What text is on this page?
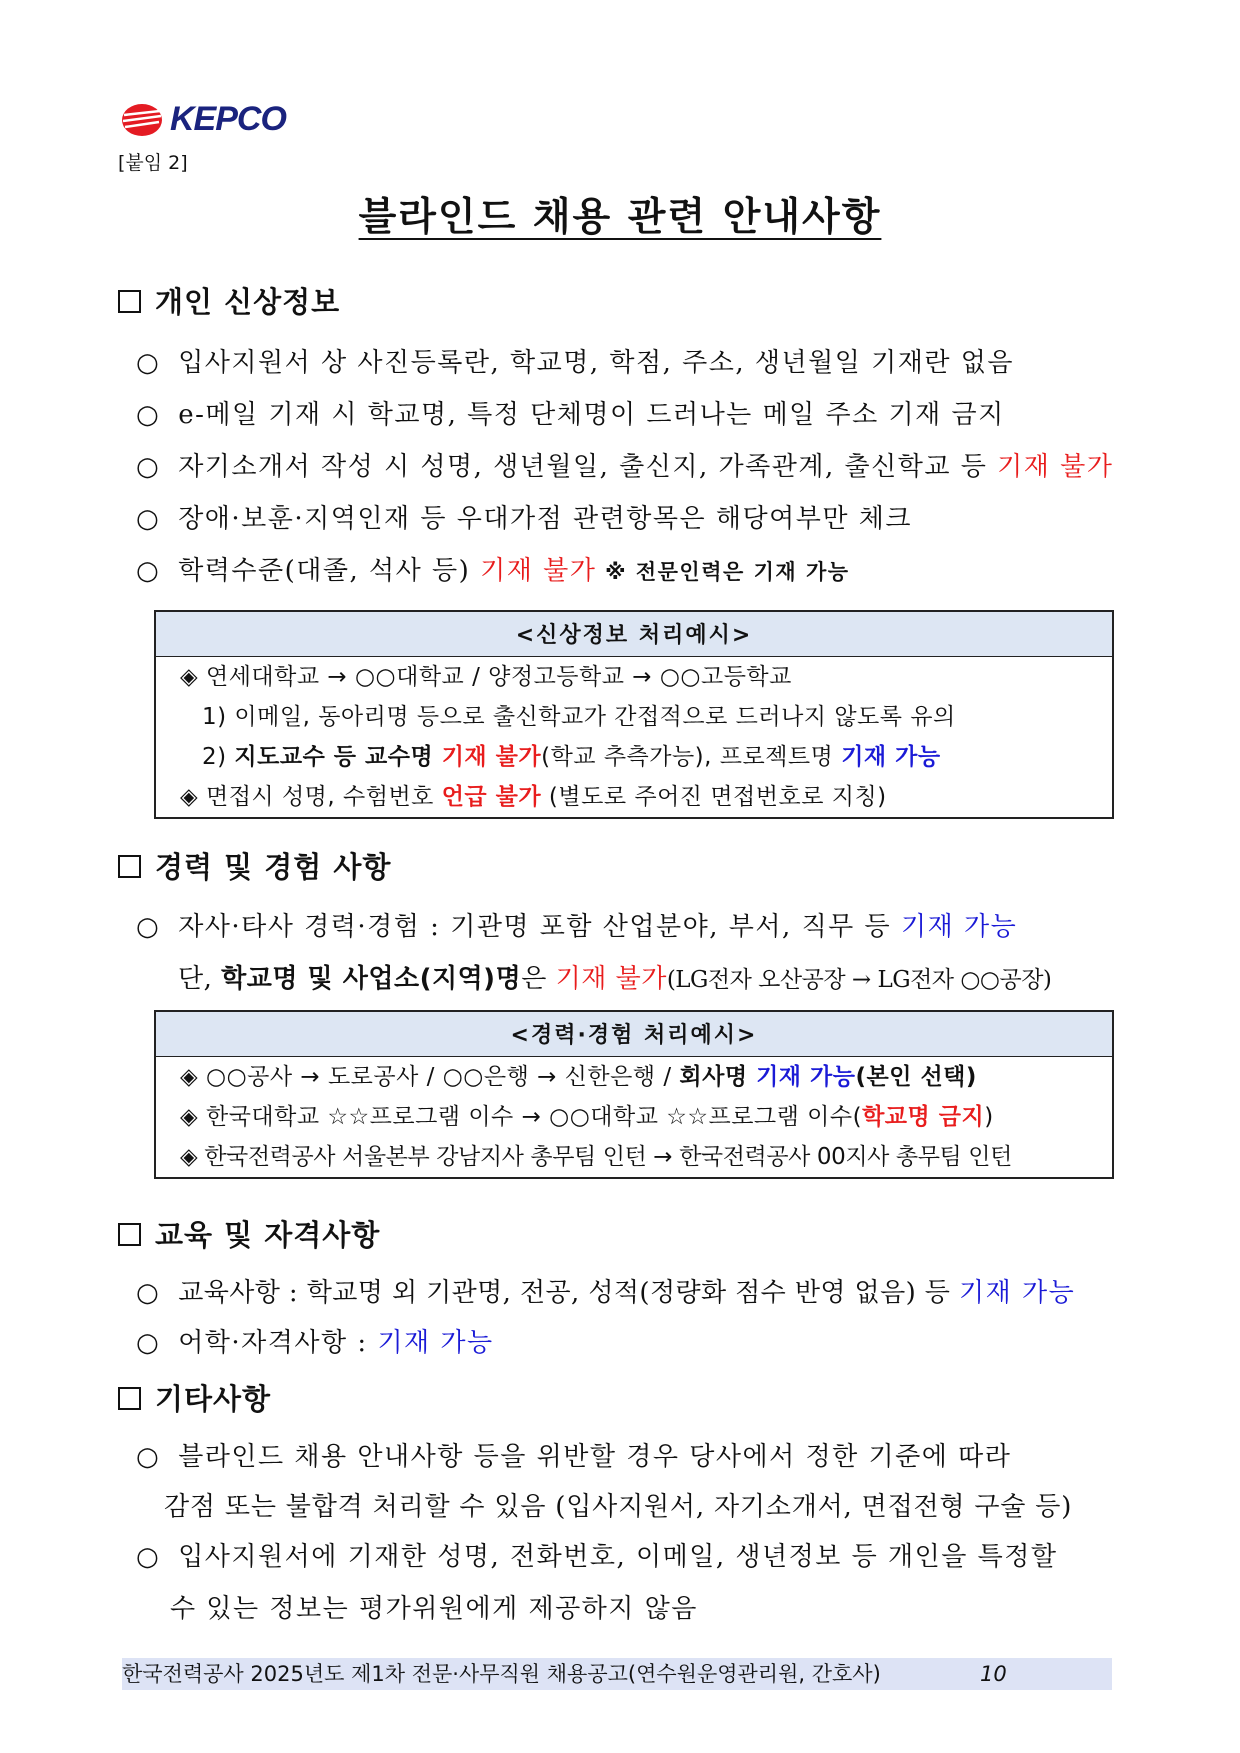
KEPCO
[붙임 2]
블라인드 채용 관련 안내사항
개인 신상정보
○ 입사지원서 상 사진등록란, 학교명, 학점, 주소, 생년월일 기재란 없음
○ e-메일 기재 시 학교명, 특정 단체명이 드러나는 메일 주소 기재 금지
○ 자기소개서 작성 시 성명, 생년월일, 출신지, 가족관계, 출신학교 등 기재 불가
○ 장애·보훈·지역인재 등 우대가점 관련항목은 해당여부만 체크
○ 학력수준(대졸, 석사 등) 기재 불가 ※ 전문인력은 기재 가능
<신상정보 처리예시>
◈ 연세대학교 → ○○대학교 / 양정고등학교 → ○○고등학교
1) 이메일, 동아리명 등으로 출신학교가 간접적으로 드러나지 않도록 유의
2) 지도교수 등 교수명 기재 불가(학교 추측가능), 프로젝트명 기재 가능
◈ 면접시 성명, 수험번호 언급 불가 (별도로 주어진 면접번호로 지칭)
경력 및 경험 사항
○ 자사·타사 경력·경험 : 기관명 포함 산업분야, 부서, 직무 등 기재 가능
단, 학교명 및 사업소(지역)명은 기재 불가(LG전자 오산공장 → LG전자 ○○공장)
<경력·경험 처리예시>
◈ ○○공사 → 도로공사 / ○○은행 → 신한은행 / 회사명 기재 가능(본인 선택)
◈ 한국대학교 ☆☆프로그램 이수 → ○○대학교 ☆☆프로그램 이수(학교명 금지)
◈ 한국전력공사 서울본부 강남지사 총무팀 인턴 → 한국전력공사 00지사 총무팀 인턴
교육 및 자격사항
○ 교육사항 : 학교명 외 기관명, 전공, 성적(정량화 점수 반영 없음) 등 기재 가능
○ 어학·자격사항 : 기재 가능
기타사항
○ 블라인드 채용 안내사항 등을 위반할 경우 당사에서 정한 기준에 따라
감점 또는 불합격 처리할 수 있음 (입사지원서, 자기소개서, 면접전형 구술 등)
○ 입사지원서에 기재한 성명, 전화번호, 이메일, 생년정보 등 개인을 특정할
수 있는 정보는 평가위원에게 제공하지 않음
한국전력공사 2025년도 제1차 전문·사무직원 채용공고(연수원운영관리원, 간호사)	10
